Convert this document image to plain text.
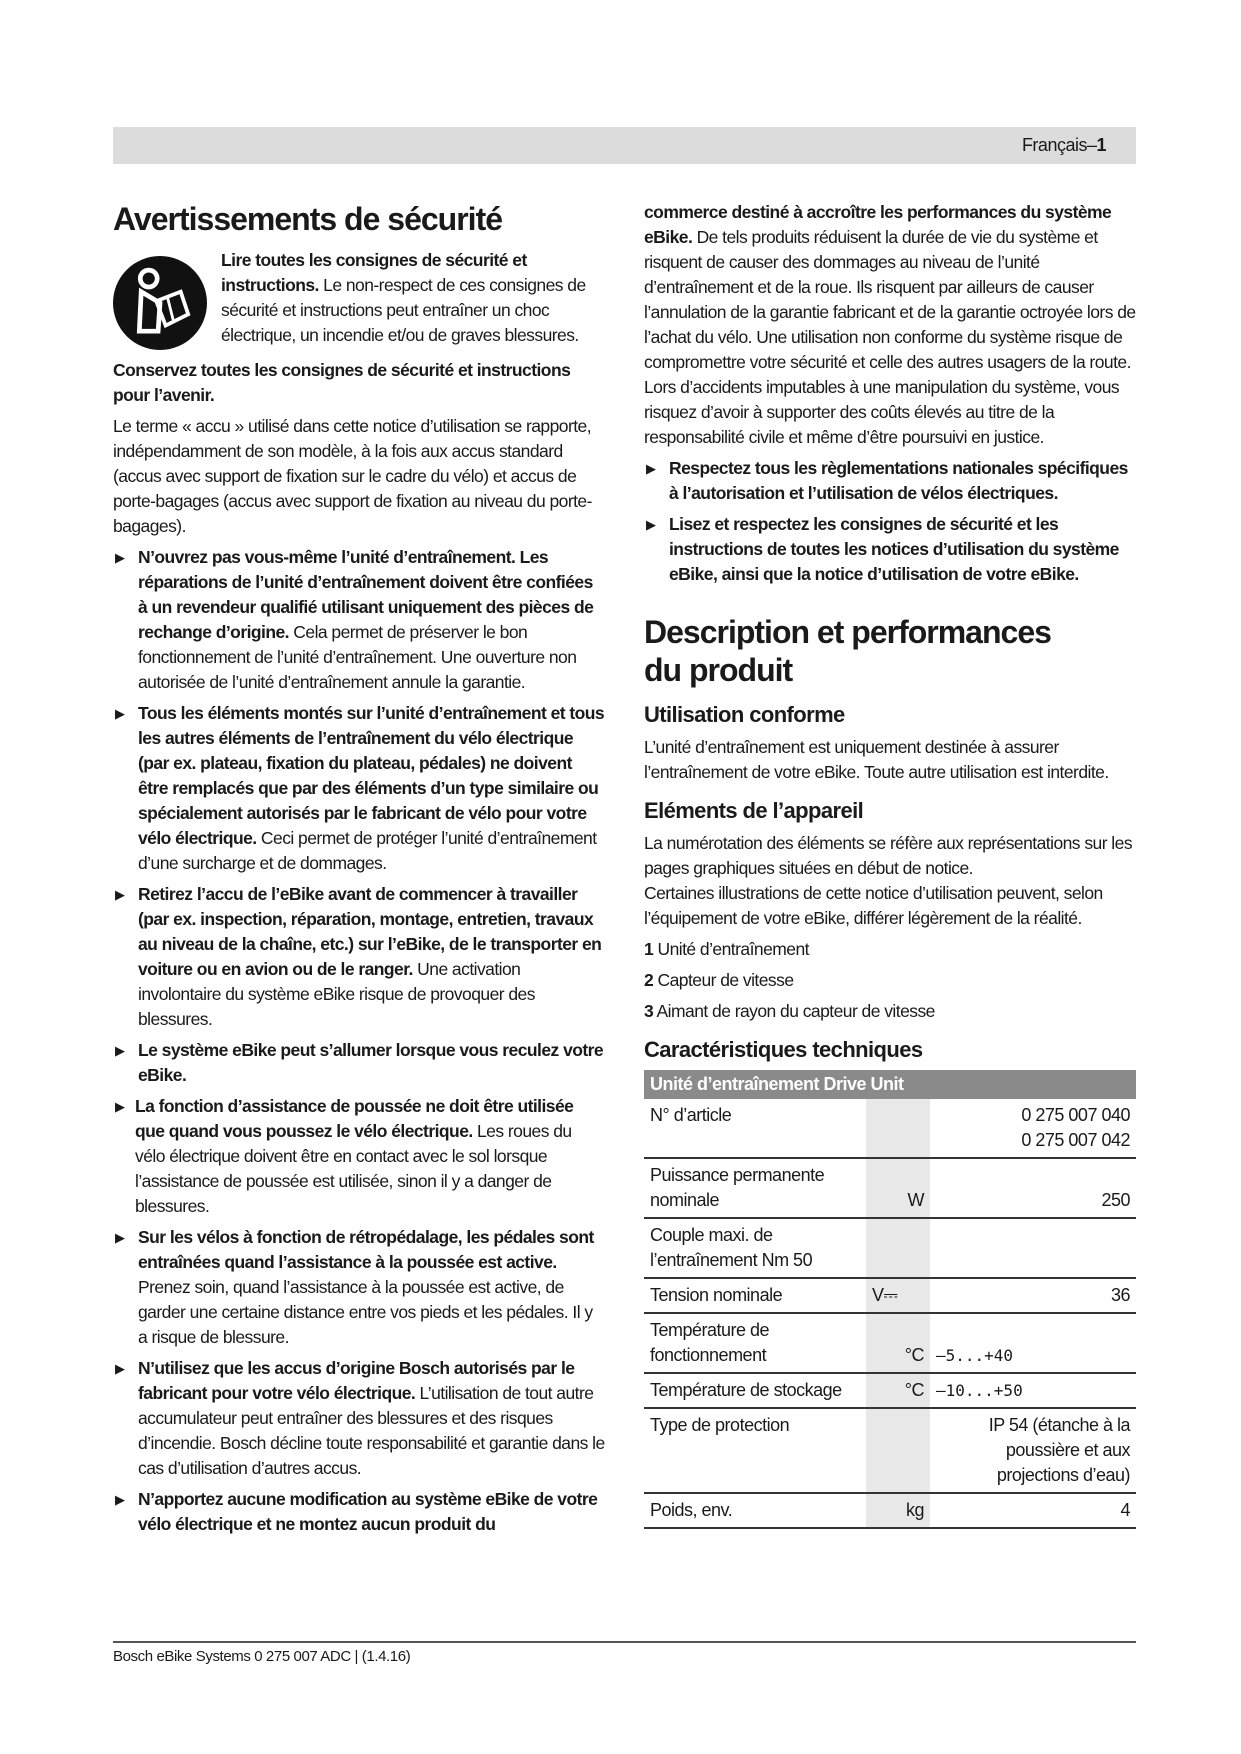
Français–1
Avertissements de sécurité

Lire toutes les consignes de sécurité et instructions. Le non-respect de ces consignes de sécurité et instructions peut entraîner un choc électrique, un incendie et/ou de graves blessures.

Conservez toutes les consignes de sécurité et instructions pour l’avenir.

Le terme « accu » utilisé dans cette notice d’utilisation se rapporte, indépendamment de son modèle, à la fois aux accus standard (accus avec support de fixation sur le cadre du vélo) et accus de porte-bagages (accus avec support de fixation au niveau du porte-bagages).

▶ N’ouvrez pas vous-même l’unité d’entraînement. Les réparations de l’unité d’entraînement doivent être confiées à un revendeur qualifié utilisant uniquement des pièces de rechange d’origine. Cela permet de préserver le bon fonctionnement de l’unité d’entraînement. Une ouverture non autorisée de l’unité d’entraînement annule la garantie.
▶ Tous les éléments montés sur l’unité d’entraînement et tous les autres éléments de l’entraînement du vélo électrique (par ex. plateau, fixation du plateau, pédales) ne doivent être remplacés que par des éléments d’un type similaire ou spécialement autorisés par le fabricant de vélo pour votre vélo électrique. Ceci permet de protéger l’unité d’entraînement d’une surcharge et de dommages.
▶ Retirez l’accu de l’eBike avant de commencer à travailler (par ex. inspection, réparation, montage, entretien, travaux au niveau de la chaîne, etc.) sur l’eBike, de le transporter en voiture ou en avion ou de le ranger. Une activation involontaire du système eBike risque de provoquer des blessures.
▶ Le système eBike peut s’allumer lorsque vous reculez votre eBike.
▶ La fonction d’assistance de poussée ne doit être utilisée que quand vous poussez le vélo électrique. Les roues du vélo électrique doivent être en contact avec le sol lorsque l’assistance de poussée est utilisée, sinon il y a danger de blessures.
▶ Sur les vélos à fonction de rétropédalage, les pédales sont entraînées quand l’assistance à la poussée est active. Prenez soin, quand l’assistance à la poussée est active, de garder une certaine distance entre vos pieds et les pédales. Il y a risque de blessure.
▶ N’utilisez que les accus d’origine Bosch autorisés par le fabricant pour votre vélo électrique. L’utilisation de tout autre accumulateur peut entraîner des blessures et des risques d’incendie. Bosch décline toute responsabilité et garantie dans le cas d’utilisation d’autres accus.
▶ N’apportez aucune modification au système eBike de votre vélo électrique et ne montez aucun produit du

commerce destiné à accroître les performances du système eBike. De tels produits réduisent la durée de vie du système et risquent de causer des dommages au niveau de l’unité d’entraînement et de la roue. Ils risquent par ailleurs de causer l’annulation de la garantie fabricant et de la garantie octroyée lors de l’achat du vélo. Une utilisation non conforme du système risque de compromettre votre sécurité et celle des autres usagers de la route. Lors d’accidents imputables à une manipulation du système, vous risquez d’avoir à supporter des coûts élevés au titre de la responsabilité civile et même d’être poursuivi en justice.

▶ Respectez tous les règlementations nationales spécifiques à l’autorisation et l’utilisation de vélos électriques.
▶ Lisez et respectez les consignes de sécurité et les instructions de toutes les notices d’utilisation du système eBike, ainsi que la notice d’utilisation de votre eBike.
Description et performances du produit
Utilisation conforme

L’unité d’entraînement est uniquement destinée à assurer l’entraînement de votre eBike. Toute autre utilisation est interdite.

Eléments de l’appareil

La numérotation des éléments se réfère aux représentations sur les pages graphiques situées en début de notice.

Certaines illustrations de cette notice d’utilisation peuvent, selon l’équipement de votre eBike, différer légèrement de la réalité.

1 Unité d’entraînement

2 Capteur de vitesse

3 Aimant de rayon du capteur de vitesse

Caractéristiques techniques
Unité d’entraînement Drive Unit		
N° d’article		0 275 007 040
0 275 007 042

Puissance permanente nominale	W	250
Couple maxi. de l’entraînement Nm 50		
Tension nominale	V⎓	36
Température de fonctionnement	°C	–5...+40
Température de stockage	°C	–10...+50
Type de protection		IP 54 (étanche à la poussière et aux projections d’eau)
Poids, env.	kg	4
Bosch eBike Systems 0 275 007 ADC | (1.4.16)
